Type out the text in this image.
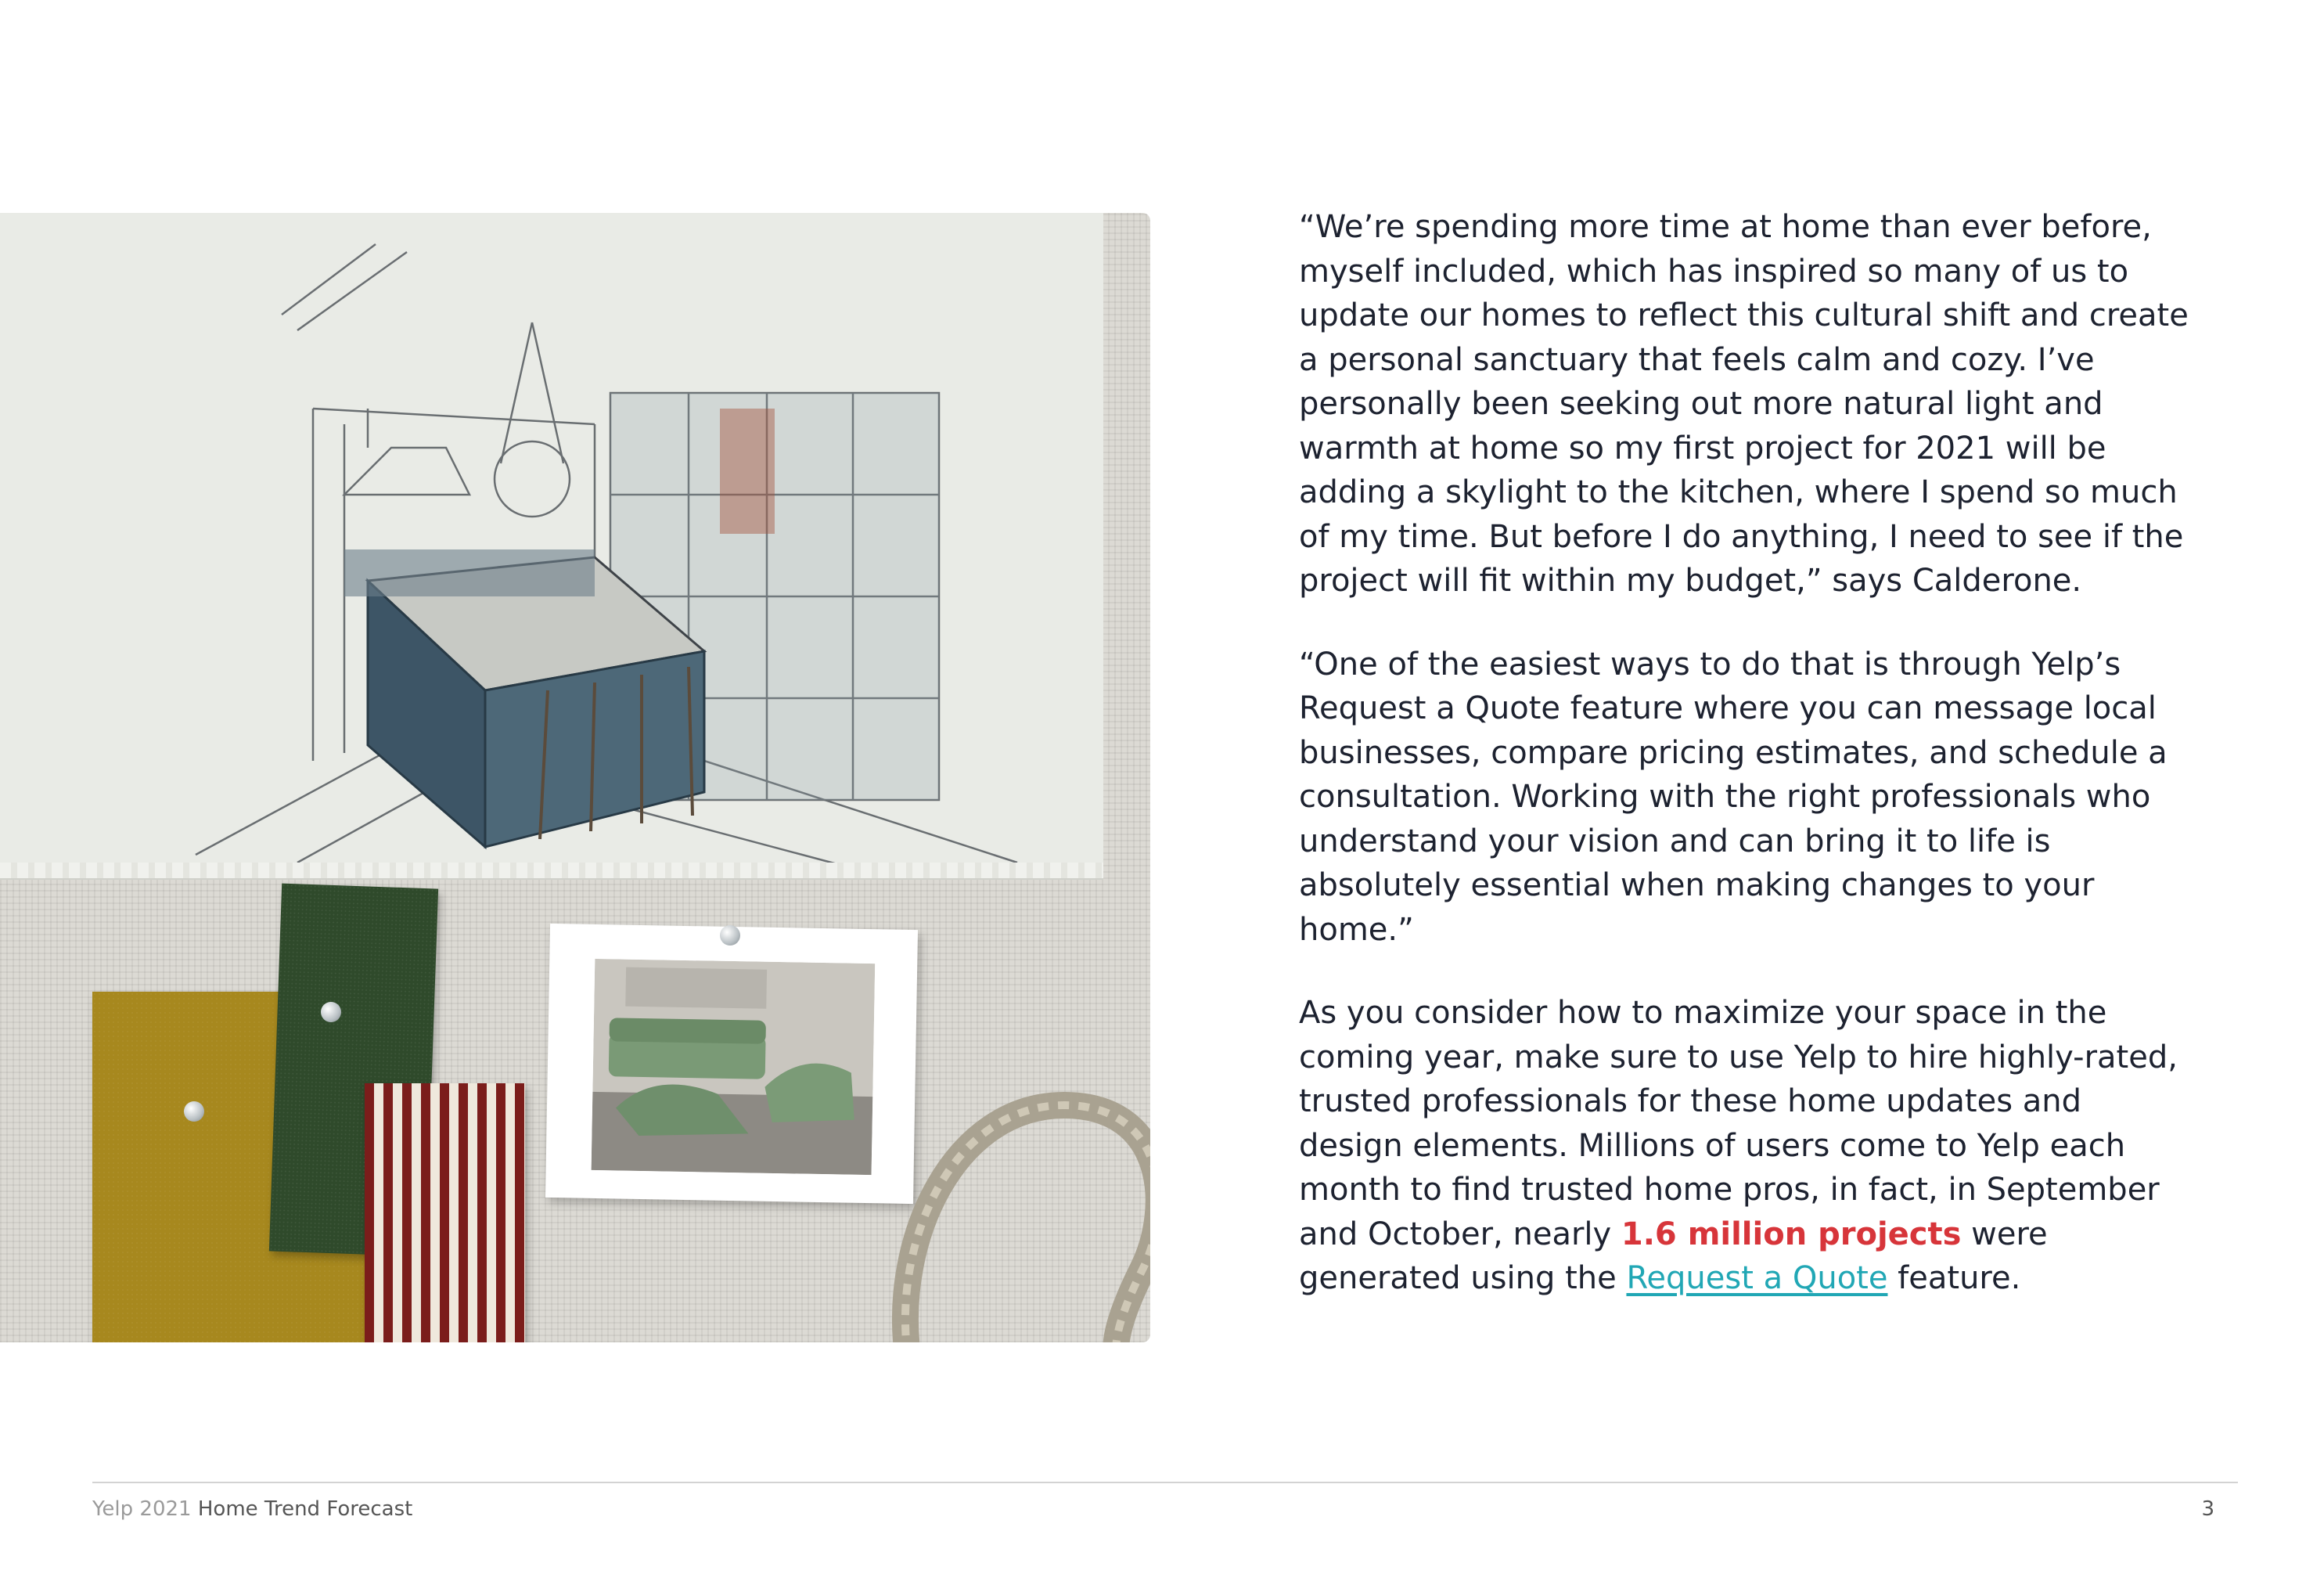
“We’re spending more time at home than ever before, myself included, which has inspired so many of us to update our homes to reflect this cultural shift and create a personal sanctuary that feels calm and cozy. I’ve personally been seeking out more natural light and warmth at home so my first project for 2021 will be adding a skylight to the kitchen, where I spend so much of my time. But before I do anything, I need to see if the project will fit within my budget,” says Calderone.

“One of the easiest ways to do that is through Yelp’s Request a Quote feature where you can message local businesses, compare pricing estimates, and schedule a consultation. Working with the right professionals who understand your vision and can bring it to life is absolutely essential when making changes to your home.”

As you consider how to maximize your space in the coming year, make sure to use Yelp to hire highly-rated, trusted professionals for these home updates and design elements. Millions of users come to Yelp each month to find trusted home pros, in fact, in September and October, nearly 1.6 million projects were generated using the Request a Quote feature.

Yelp 2021 Home Trend Forecast	3
